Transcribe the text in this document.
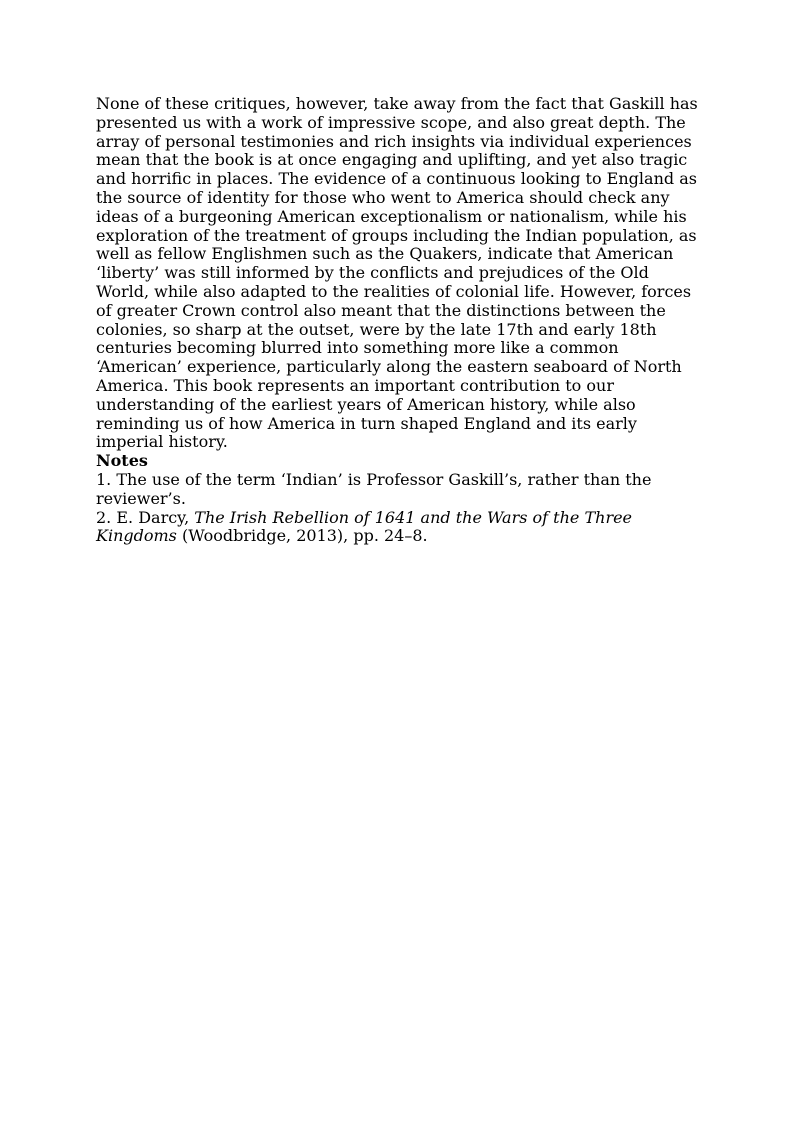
None of these critiques, however, take away from the fact that Gaskill has
presented us with a work of impressive scope, and also great depth. The
array of personal testimonies and rich insights via individual experiences
mean that the book is at once engaging and uplifting, and yet also tragic
and horrific in places. The evidence of a continuous looking to England as
the source of identity for those who went to America should check any
ideas of a burgeoning American exceptionalism or nationalism, while his
exploration of the treatment of groups including the Indian population, as
well as fellow Englishmen such as the Quakers, indicate that American
‘liberty’ was still informed by the conflicts and prejudices of the Old
World, while also adapted to the realities of colonial life. However, forces
of greater Crown control also meant that the distinctions between the
colonies, so sharp at the outset, were by the late 17th and early 18th
centuries becoming blurred into something more like a common
‘American’ experience, particularly along the eastern seaboard of North
America. This book represents an important contribution to our
understanding of the earliest years of American history, while also
reminding us of how America in turn shaped England and its early
imperial history.
Notes
1. The use of the term ‘Indian’ is Professor Gaskill’s, rather than the
reviewer’s.
2. E. Darcy, The Irish Rebellion of 1641 and the Wars of the Three
Kingdoms (Woodbridge, 2013), pp. 24–8.
